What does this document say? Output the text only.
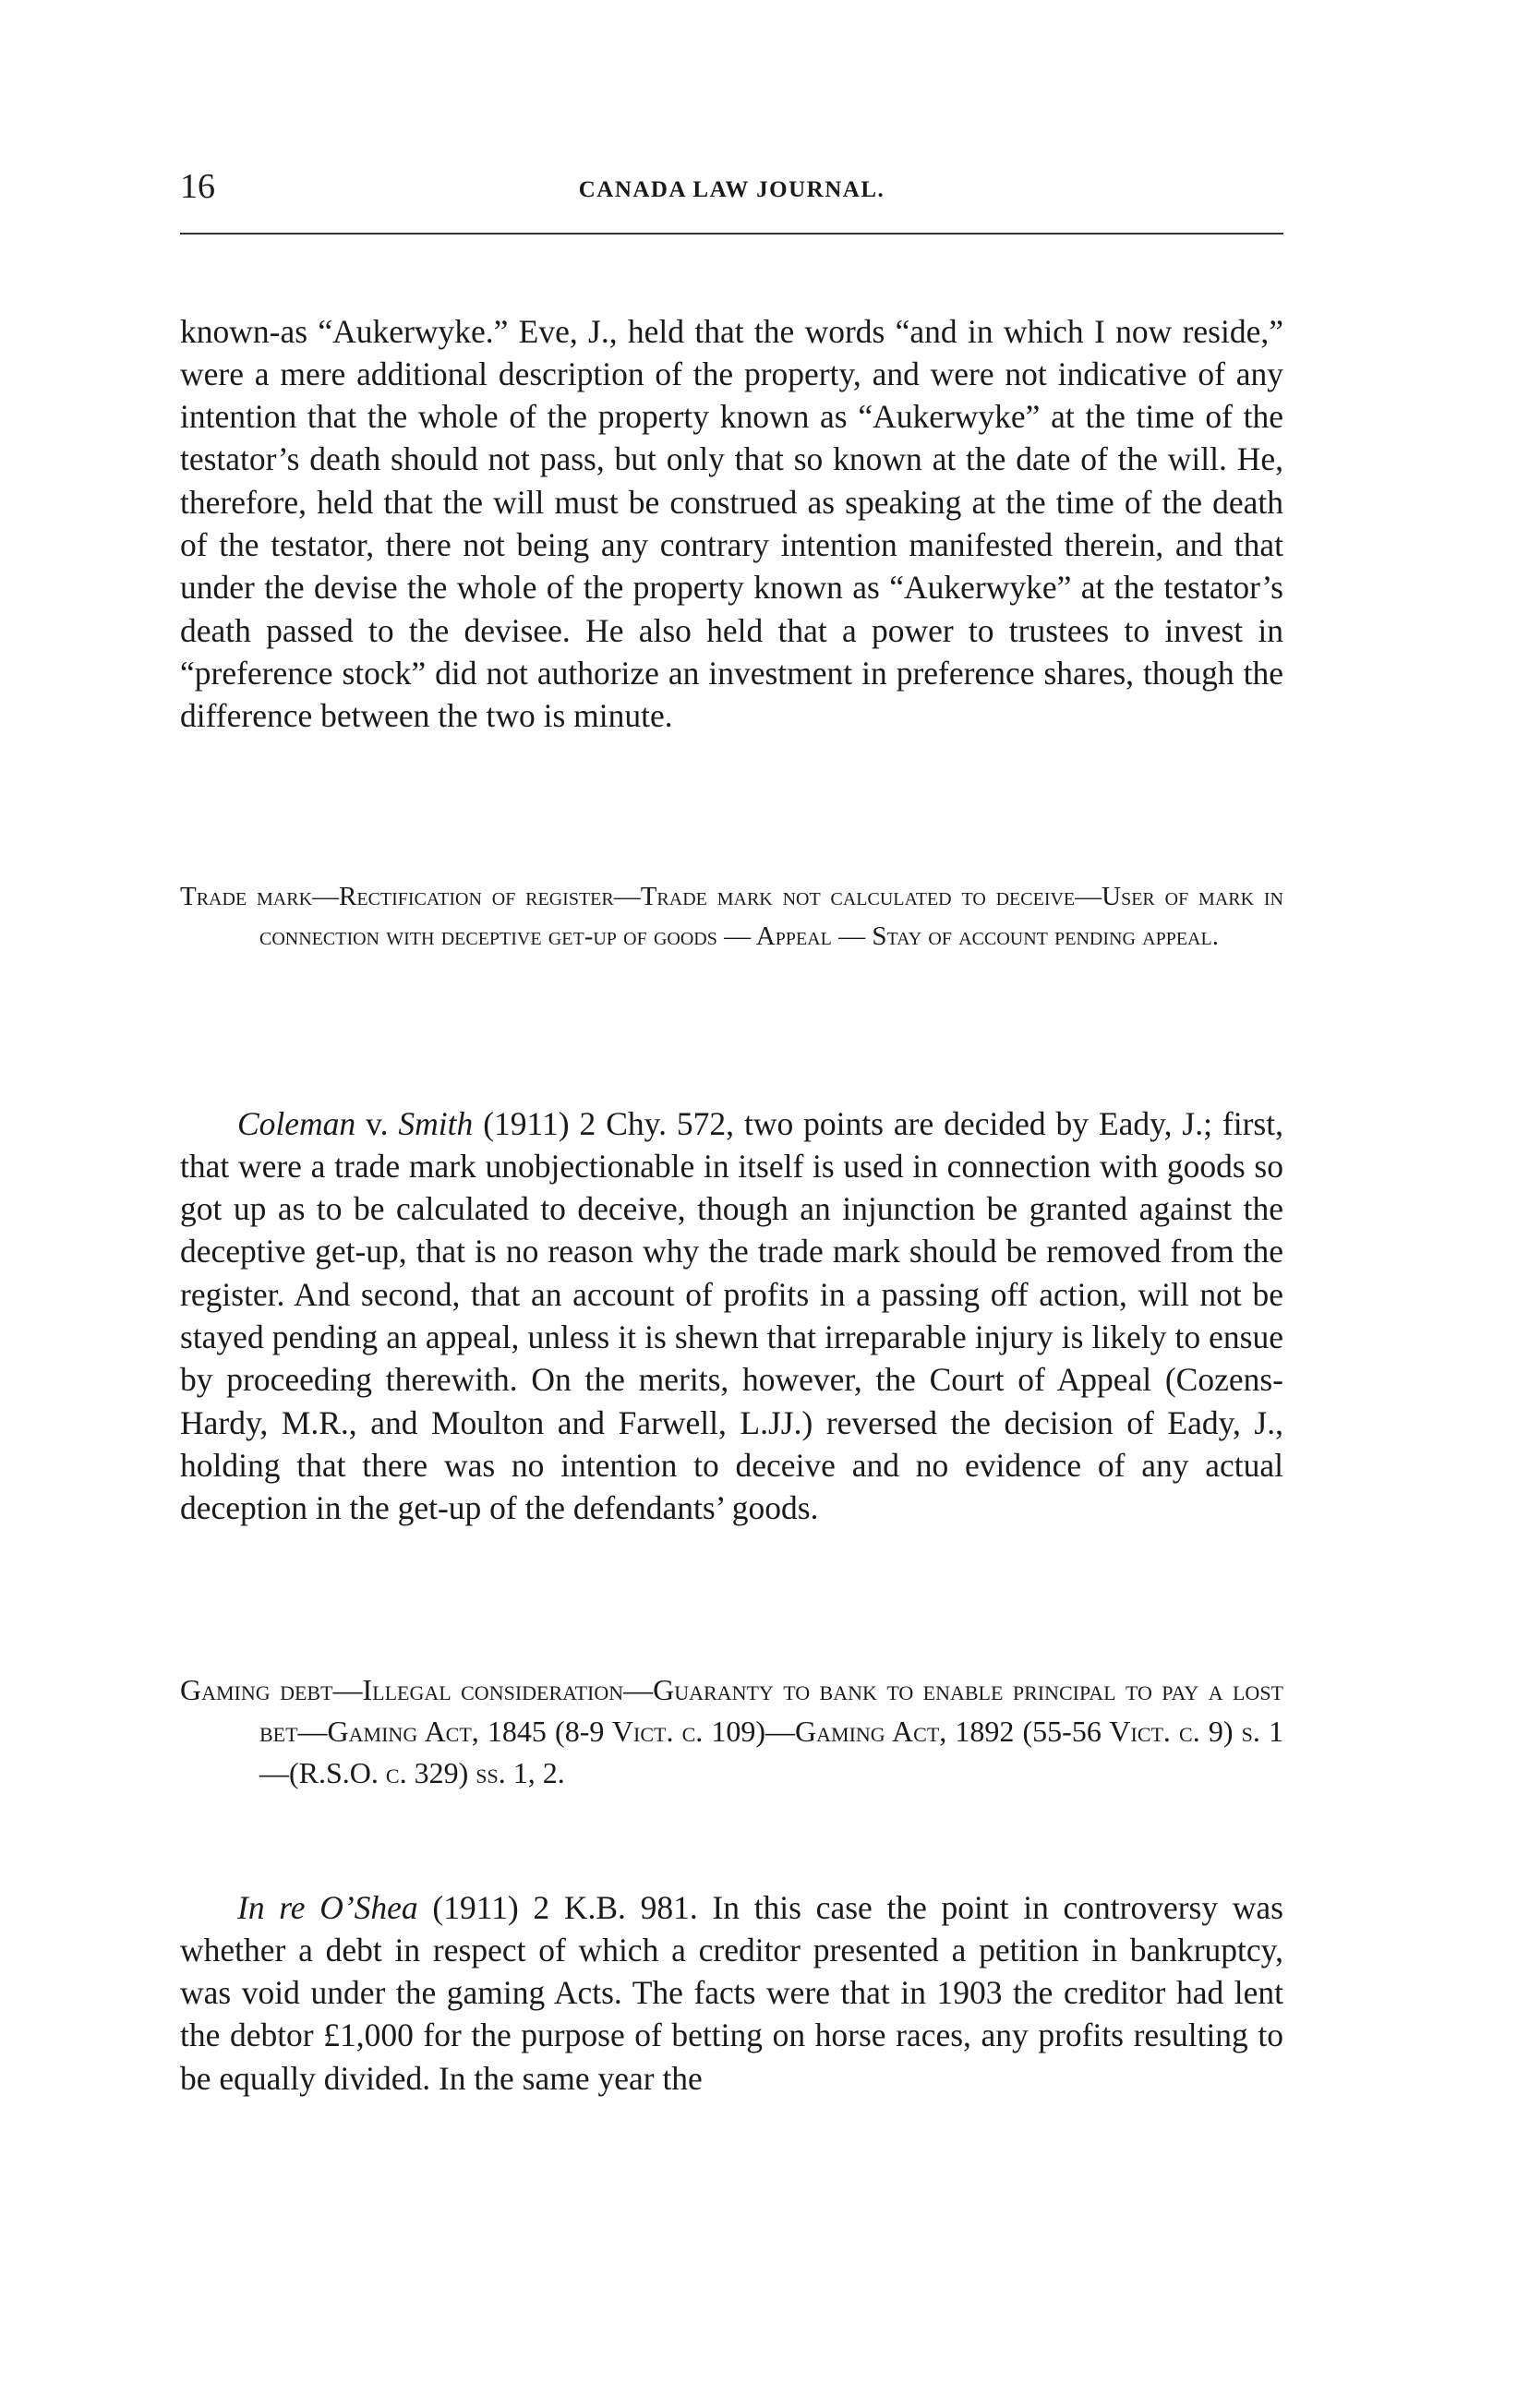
16	CANADA LAW JOURNAL.

known-as “Aukerwyke.” Eve, J., held that the words “and in which I now reside,” were a mere additional description of the property, and were not indicative of any intention that the whole of the property known as “Aukerwyke” at the time of the testator’s death should not pass, but only that so known at the date of the will. He, therefore, held that the will must be construed as speaking at the time of the death of the testator, there not being any contrary intention manifested therein, and that under the devise the whole of the property known as “Aukerwyke” at the testator’s death passed to the devisee. He also held that a power to trustees to invest in “preference stock” did not authorize an investment in preference shares, though the difference between the two is minute.

Trade mark—Rectification of register—Trade mark not calculated to deceive—User of mark in connection with deceptive get-up of goods — Appeal — Stay of account pending appeal.

Coleman v. Smith (1911) 2 Chy. 572, two points are decided by Eady, J.; first, that were a trade mark unobjectionable in itself is used in connection with goods so got up as to be calculated to deceive, though an injunction be granted against the deceptive get-up, that is no reason why the trade mark should be removed from the register. And second, that an account of profits in a passing off action, will not be stayed pending an appeal, unless it is shewn that irreparable injury is likely to ensue by proceeding therewith. On the merits, however, the Court of Appeal (Cozens-Hardy, M.R., and Moulton and Farwell, L.JJ.) reversed the decision of Eady, J., holding that there was no intention to deceive and no evidence of any actual deception in the get-up of the defendants’ goods.

Gaming debt—Illegal consideration—Guaranty to bank to enable principal to pay a lost bet—Gaming Act, 1845 (8-9 Vict. c. 109)—Gaming Act, 1892 (55-56 Vict. c. 9) s. 1—(R.S.O. c. 329) ss. 1, 2.

In re O’Shea (1911) 2 K.B. 981. In this case the point in controversy was whether a debt in respect of which a creditor presented a petition in bankruptcy, was void under the gaming Acts. The facts were that in 1903 the creditor had lent the debtor £1,000 for the purpose of betting on horse races, any profits resulting to be equally divided. In the same year the
